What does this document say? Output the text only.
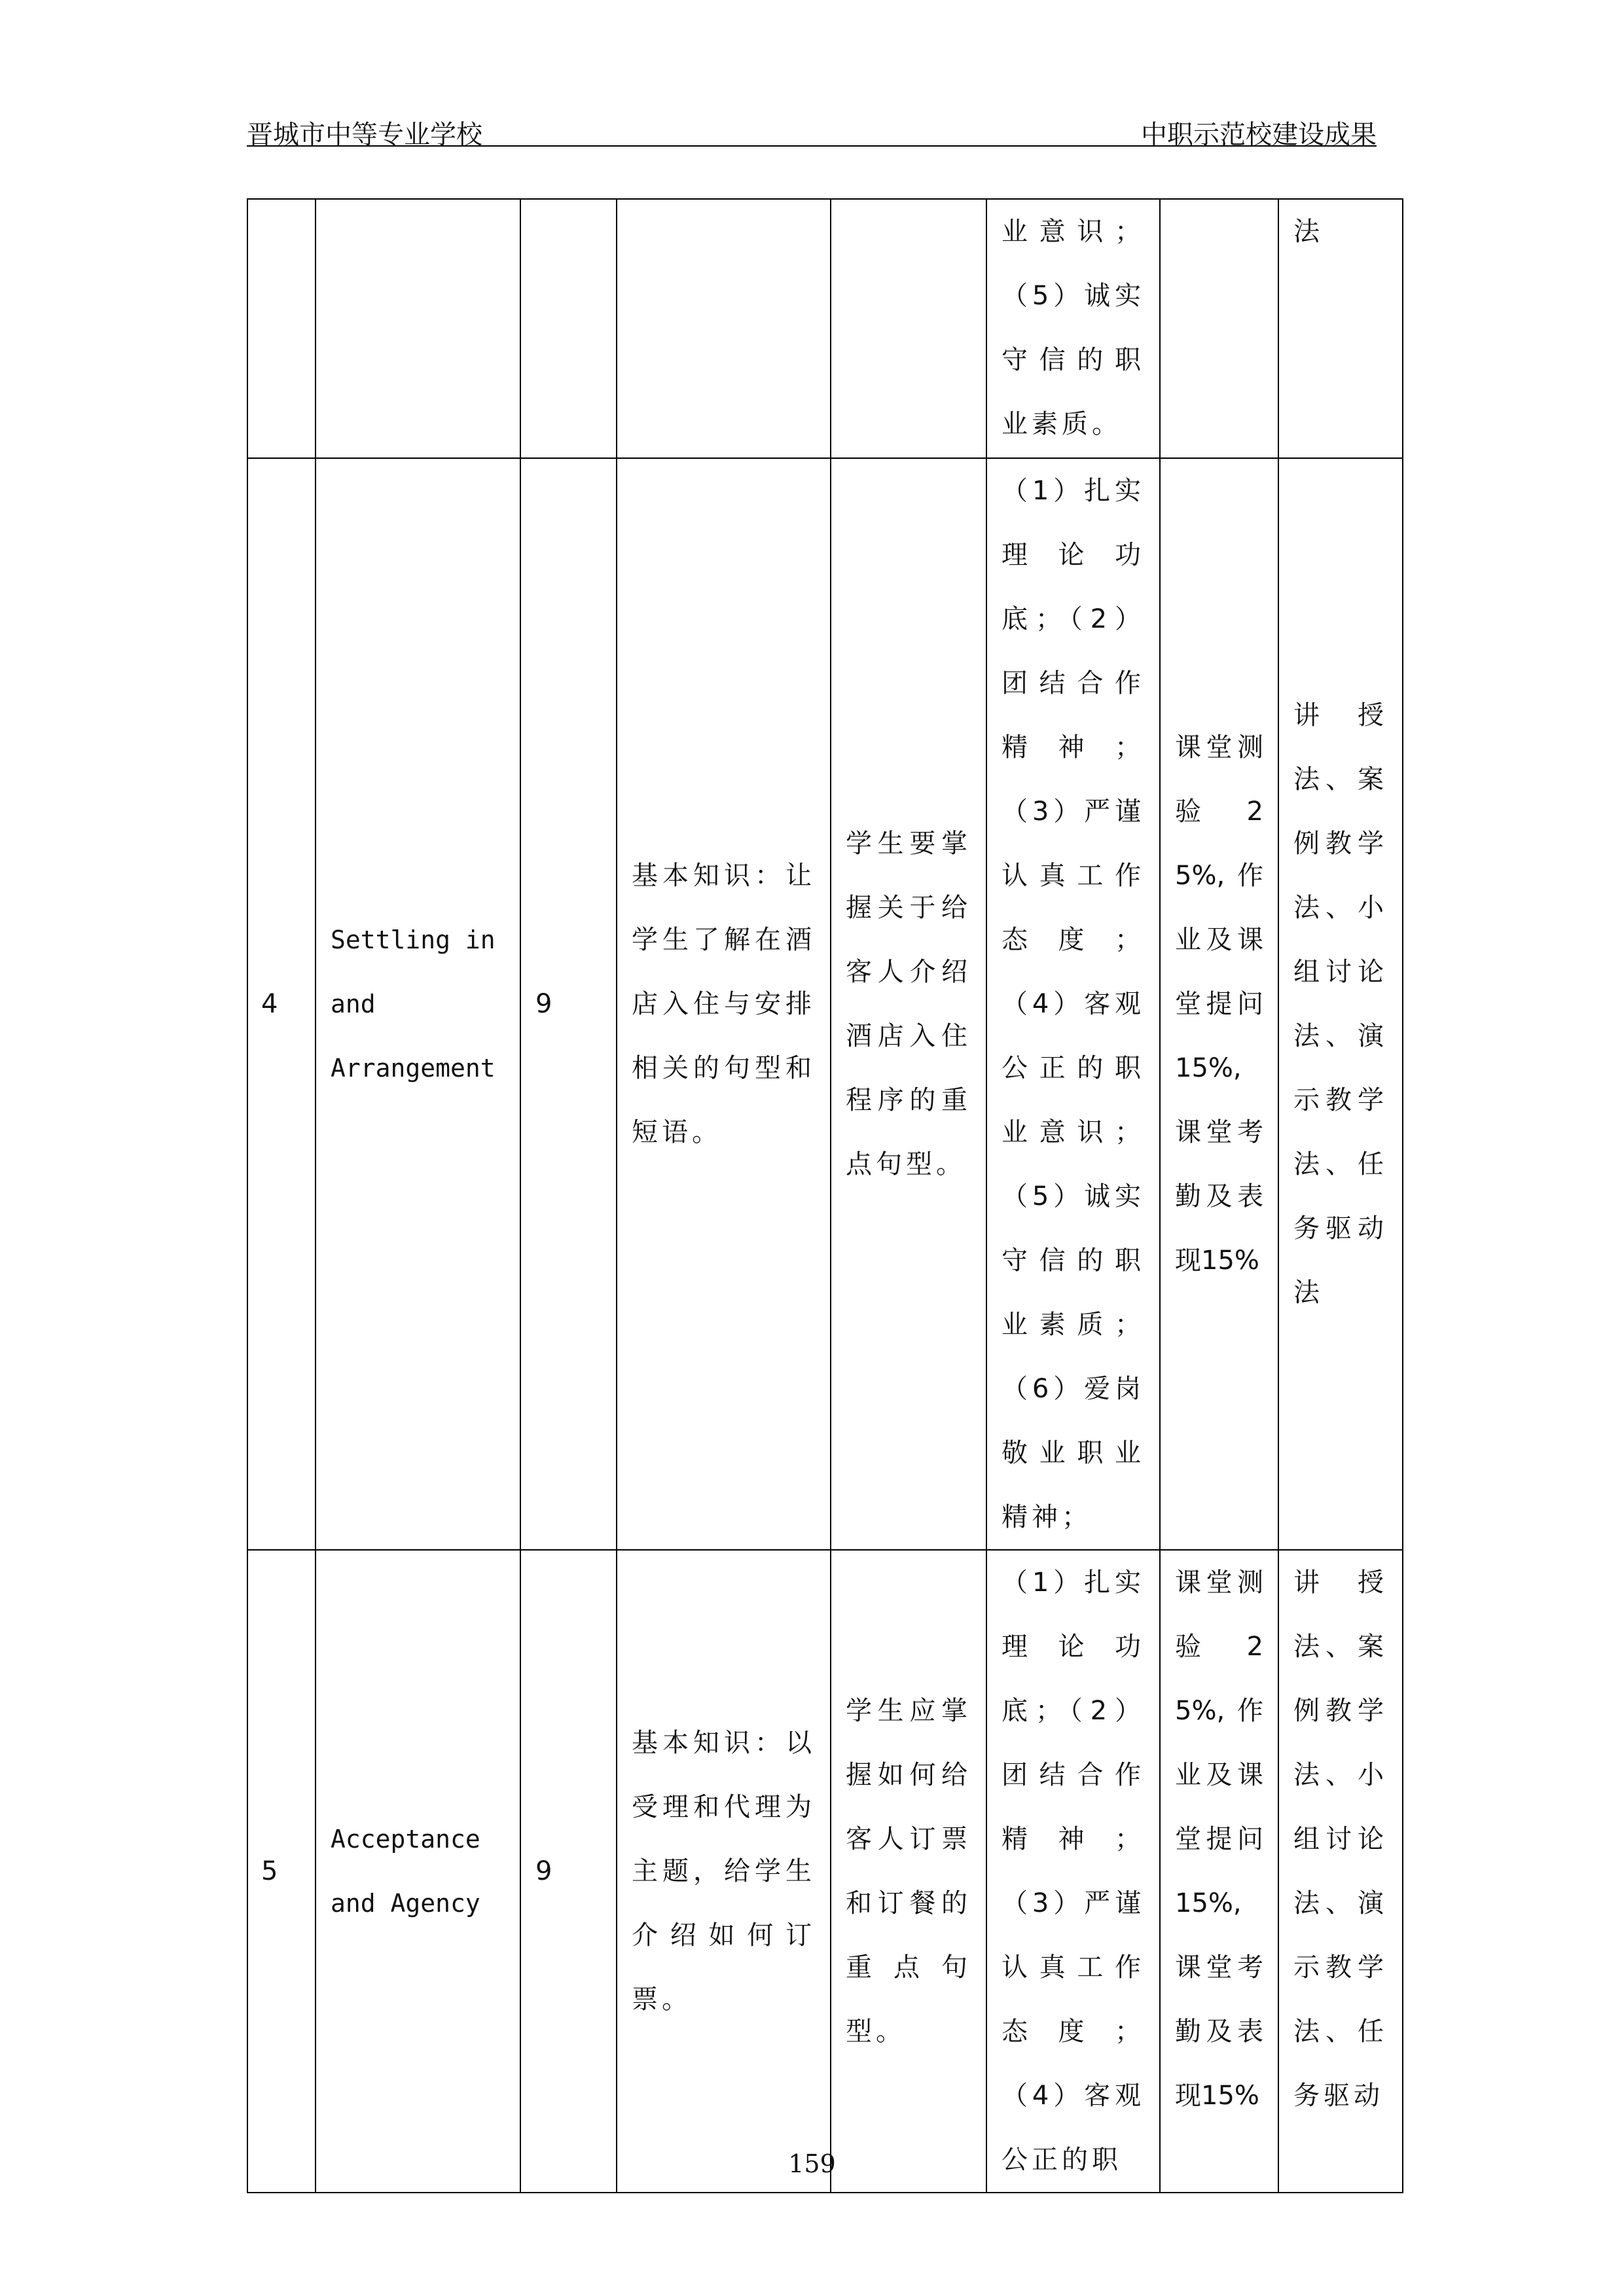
晋城市中等专业学校	中职示范校建设成果

					业意识；（5）诚实守信的职业素质。		法

4	Settling in and Arrangement	9	基本知识：让学生了解在酒店入住与安排相关的句型和短语。	学生要掌握关于给客人介绍酒店入住程序的重点句型。	（1）扎实理论功底；（2）团结合作精神；（3）严谨认真工作态度；（4）客观公正的职业意识；（5）诚实守信的职业素质；（6）爱岗敬业职业精神；	课堂测验25%,作业及课堂提问15%,课堂考勤及表现15%	讲授法、案例教学法、小组讨论法、演示教学法、任务驱动法

5	Acceptance and Agency	9	基本知识：以受理和代理为主题，给学生介绍如何订票。	学生应掌握如何给客人订票和订餐的重点句型。	（1）扎实理论功底；（2）团结合作精神；（3）严谨认真工作态度；（4）客观公正的职	课堂测验25%,作业及课堂提问15%,课堂考勤及表现15%	讲授法、案例教学法、小组讨论法、演示教学法、任务驱动
159
